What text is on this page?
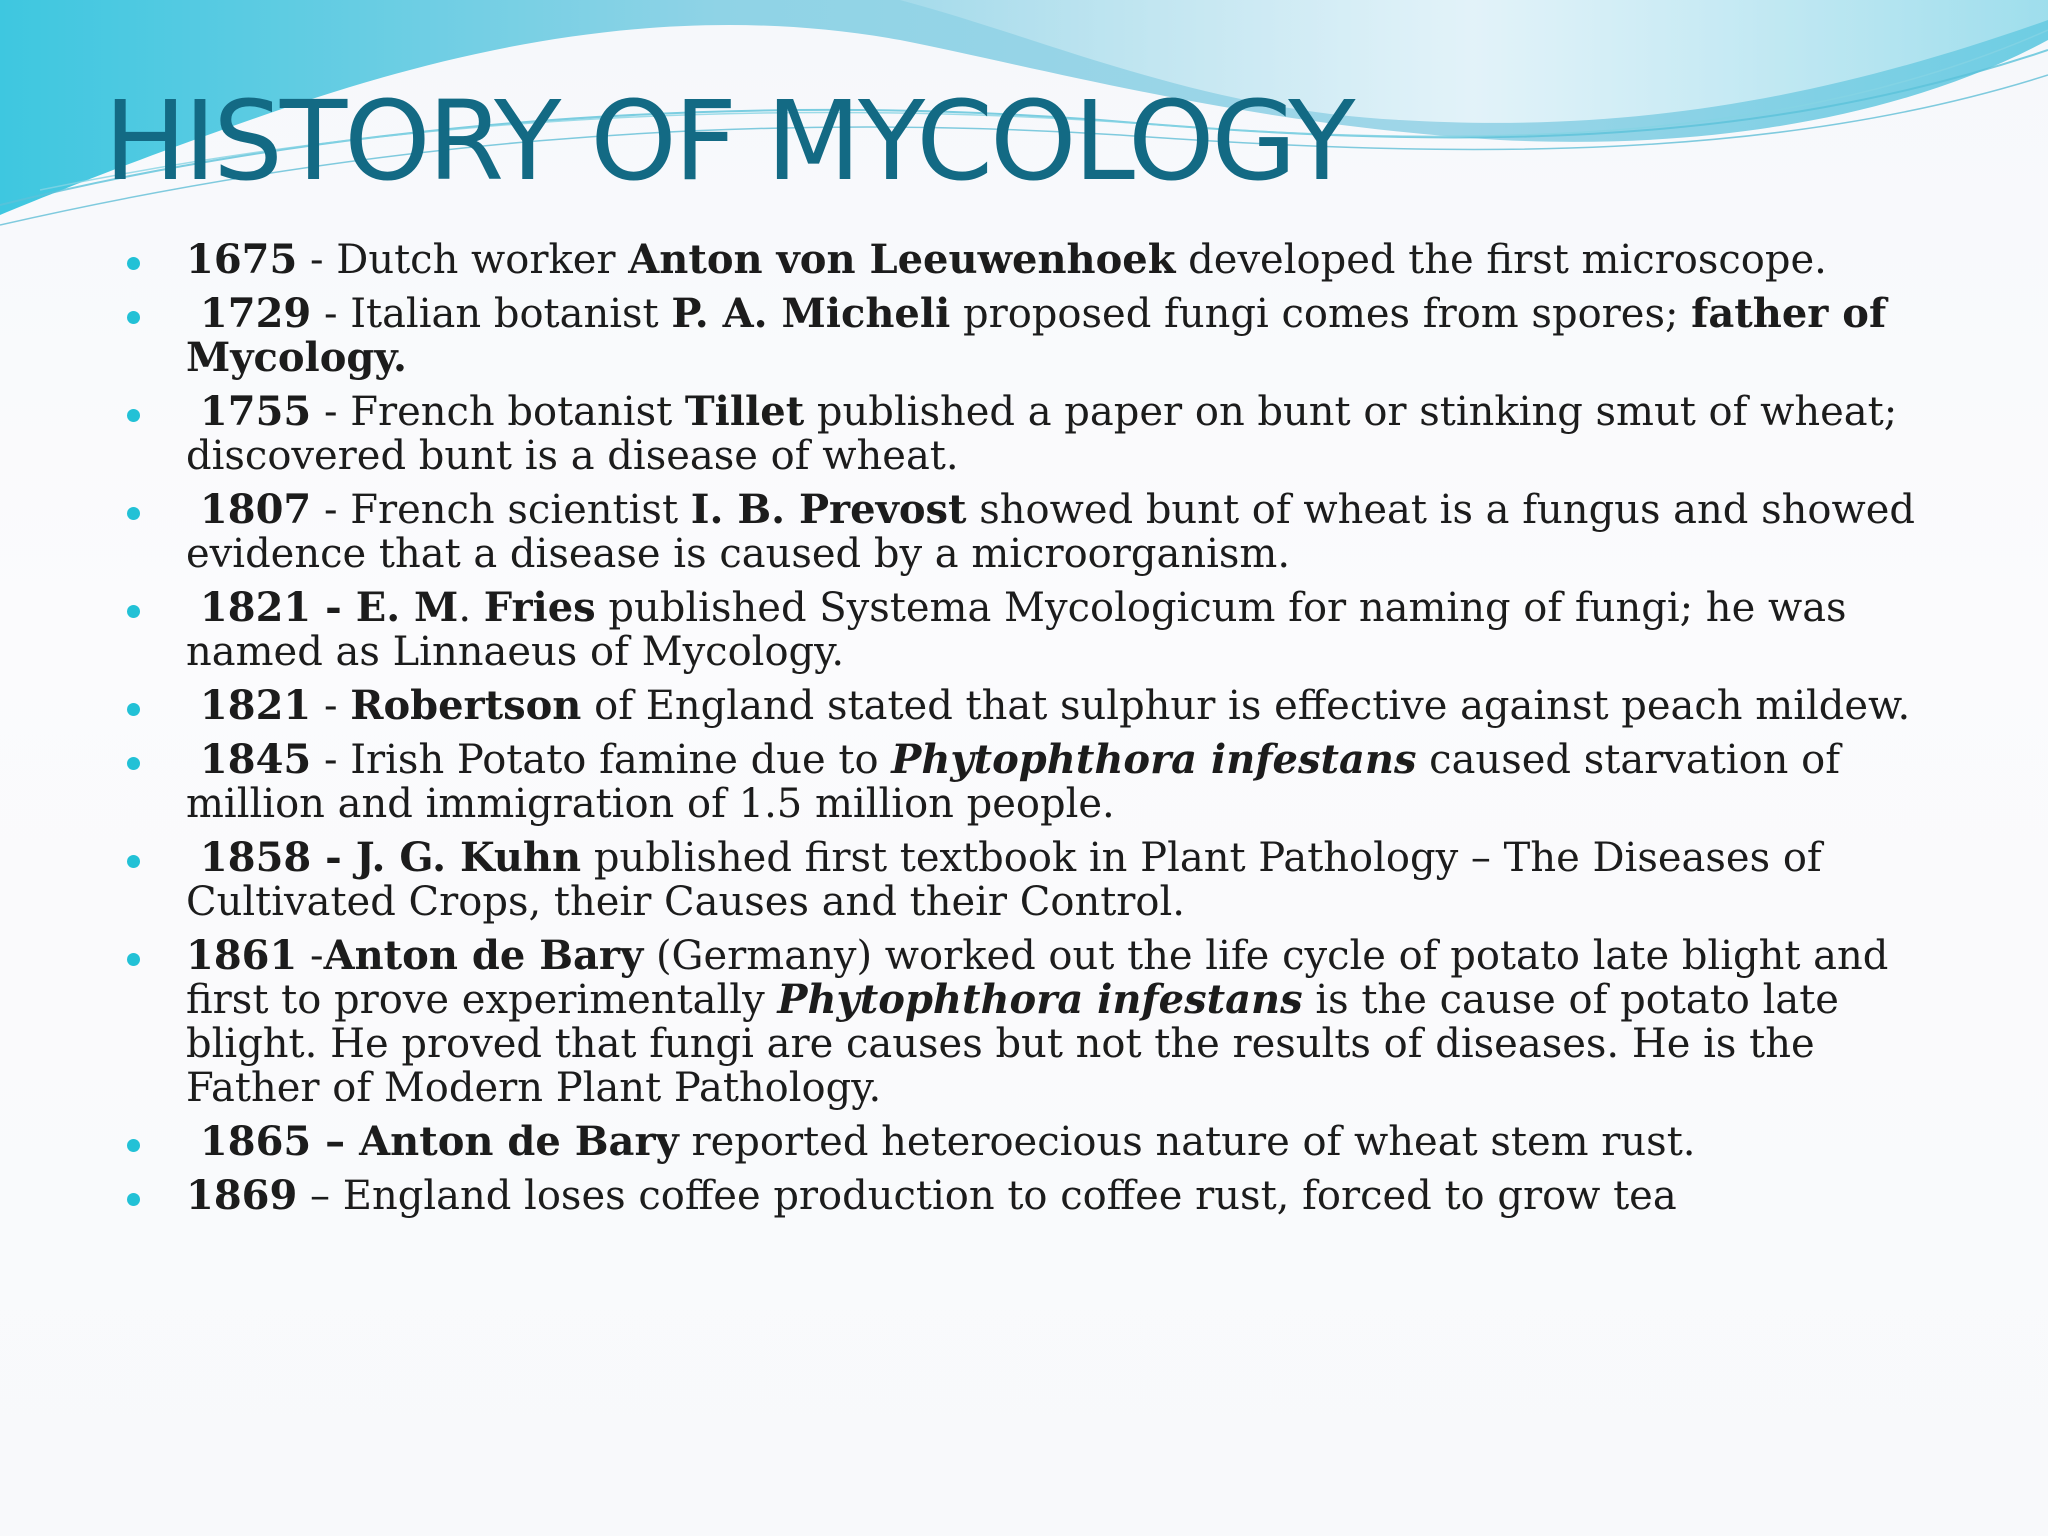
HISTORY OF MYCOLOGY
1675 - Dutch worker Anton von Leeuwenhoek developed the first microscope.
1729 - Italian botanist P. A. Micheli proposed fungi comes from spores; father of Mycology.
1755 - French botanist Tillet published a paper on bunt or stinking smut of wheat; discovered bunt is a disease of wheat.
1807 - French scientist I. B. Prevost showed bunt of wheat is a fungus and showed evidence that a disease is caused by a microorganism.
1821 - E. M. Fries published Systema Mycologicum for naming of fungi; he was named as Linnaeus of Mycology.
1821 - Robertson of England stated that sulphur is effective against peach mildew.
1845 - Irish Potato famine due to Phytophthora infestans caused starvation of million and immigration of 1.5 million people.
1858 - J. G. Kuhn published first textbook in Plant Pathology – The Diseases of Cultivated Crops, their Causes and their Control.
1861 -Anton de Bary (Germany) worked out the life cycle of potato late blight and first to prove experimentally Phytophthora infestans is the cause of potato late blight. He proved that fungi are causes but not the results of diseases. He is the Father of Modern Plant Pathology.
1865 – Anton de Bary reported heteroecious nature of wheat stem rust.
1869 – England loses coffee production to coffee rust, forced to grow tea
